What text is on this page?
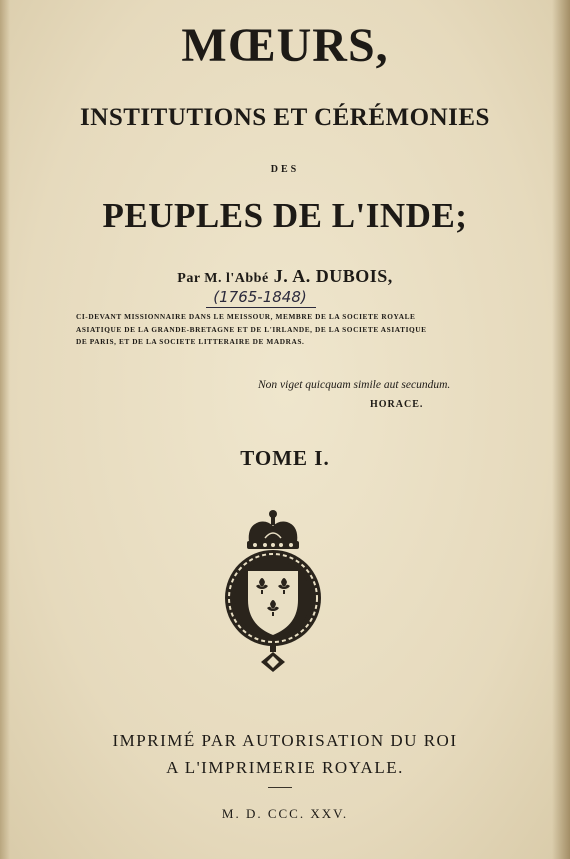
MŒURS,
INSTITUTIONS ET CÉRÉMONIES
DES
PEUPLES DE L'INDE;
Par M. l'Abbé J. A. DUBOIS,
(1765-1848)
CI-DEVANT MISSIONNAIRE DANS LE MEISSOUR, MEMBRE DE LA SOCIETE ROYALE
ASIATIQUE DE LA GRANDE-BRETAGNE ET DE L'IRLANDE, DE LA SOCIETE ASIATIQUE
DE PARIS, ET DE LA SOCIETE LITTERAIRE DE MADRAS.
Non viget quicquam simile aut secundum.
HORACE.
TOME I.
IMPRIMÉ PAR AUTORISATION DU ROI
A L'IMPRIMERIE ROYALE.
M. D. CCC. XXV.
